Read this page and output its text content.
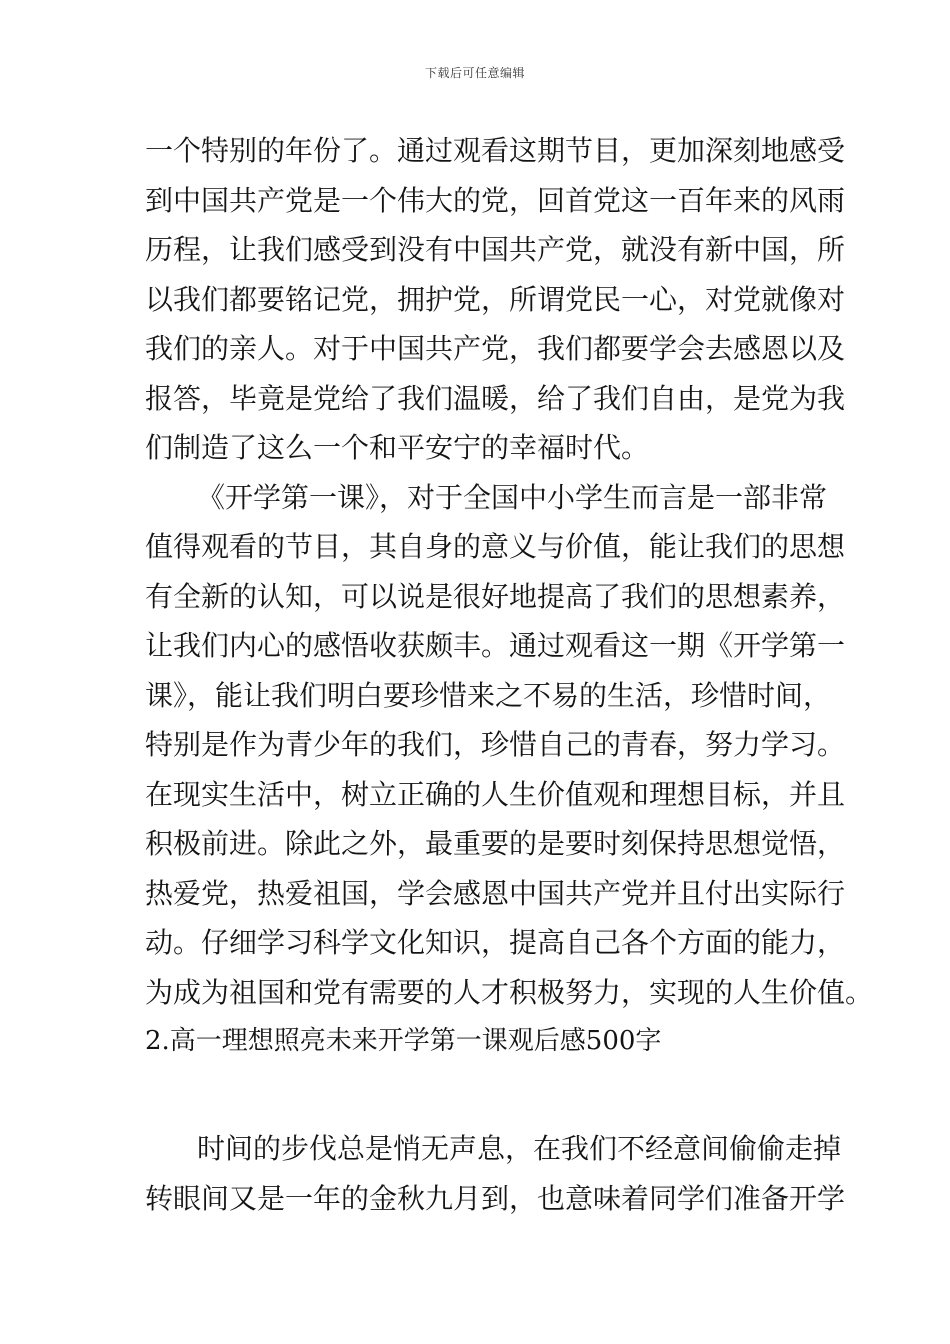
下载后可任意编辑
一个特别的年份了。通过观看这期节目，更加深刻地感受
到中国共产党是一个伟大的党，回首党这一百年来的风雨
历程，让我们感受到没有中国共产党，就没有新中国，所
以我们都要铭记党，拥护党，所谓党民一心，对党就像对
我们的亲人。对于中国共产党，我们都要学会去感恩以及
报答，毕竟是党给了我们温暖，给了我们自由，是党为我
们制造了这么一个和平安宁的幸福时代。
《开学第一课》，对于全国中小学生而言是一部非常
值得观看的节目，其自身的意义与价值，能让我们的思想
有全新的认知，可以说是很好地提高了我们的思想素养，
让我们内心的感悟收获颇丰。通过观看这一期《开学第一
课》，能让我们明白要珍惜来之不易的生活，珍惜时间，
特别是作为青少年的我们，珍惜自己的青春，努力学习。
在现实生活中，树立正确的人生价值观和理想目标，并且
积极前进。除此之外，最重要的是要时刻保持思想觉悟，
热爱党，热爱祖国，学会感恩中国共产党并且付出实际行
动。仔细学习科学文化知识，提高自己各个方面的能力，
为成为祖国和党有需要的人才积极努力，实现的人生价值。
2.高一理想照亮未来开学第一课观后感500字
时间的步伐总是悄无声息，在我们不经意间偷偷走掉
转眼间又是一年的金秋九月到，也意味着同学们准备开学
